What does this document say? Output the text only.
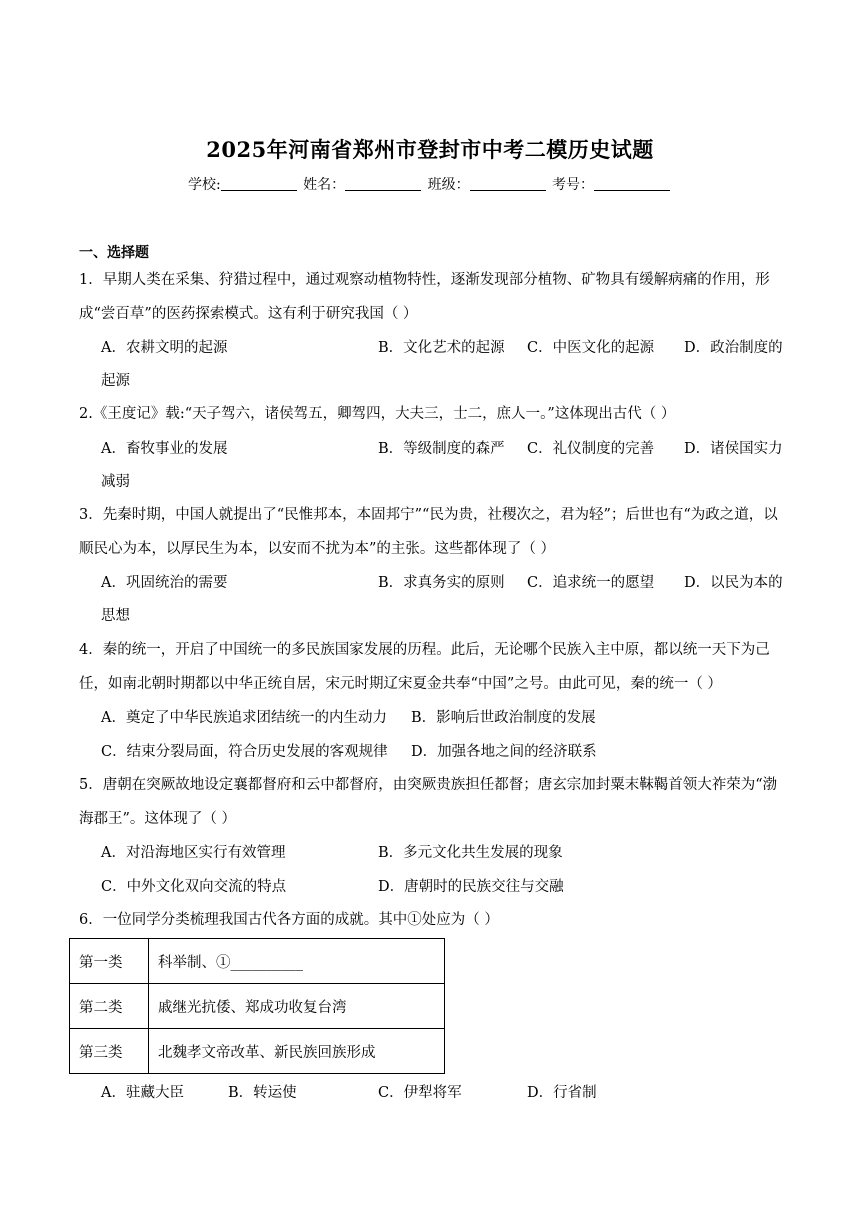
2025年河南省郑州市登封市中考二模历史试题
学校:	姓名：	班级：	考号：
一、选择题
1．早期人类在采集、狩猎过程中，通过观察动植物特性，逐渐发现部分植物、矿物具有缓解病痛的作用，形成“尝百草”的医药探索模式。这有利于研究我国（ ）
A．农耕文明的起源	B．文化艺术的起源 C．中医文化的起源 D．政治制度的
起源
2.《王度记》载:“天子驾六，诸侯驾五，卿驾四，大夫三，士二，庶人一。”这体现出古代（ ）
A．畜牧事业的发展	B．等级制度的森严 C．礼仪制度的完善 D．诸侯国实力
减弱
3．先秦时期，中国人就提出了“民惟邦本，本固邦宁”“民为贵，社稷次之，君为轻”；后世也有“为政之道，以顺民心为本，以厚民生为本，以安而不扰为本”的主张。这些都体现了（ ）
A．巩固统治的需要	B．求真务实的原则 C．追求统一的愿望 D．以民为本的
思想
4．秦的统一，开启了中国统一的多民族国家发展的历程。此后，无论哪个民族入主中原，都以统一天下为己任，如南北朝时期都以中华正统自居，宋元时期辽宋夏金共奉“中国”之号。由此可见，秦的统一（ ）
A．奠定了中华民族追求团结统一的内生动力 B．影响后世政治制度的发展
C．结束分裂局面，符合历史发展的客观规律 D．加强各地之间的经济联系
5．唐朝在突厥故地设定襄都督府和云中都督府，由突厥贵族担任都督；唐玄宗加封粟末靺鞨首领大祚荣为“渤海郡王”。这体现了（ ）
A．对沿海地区实行有效管理	B．多元文化共生发展的现象
C．中外文化双向交流的特点	D．唐朝时的民族交往与交融
6．一位同学分类梳理我国古代各方面的成就。其中①处应为（ ）
第一类	科举制、①__________
第二类	戚继光抗倭、郑成功收复台湾
第三类	北魏孝文帝改革、新民族回族形成
A．驻藏大臣	B．转运使	C．伊犁将军	D．行省制
